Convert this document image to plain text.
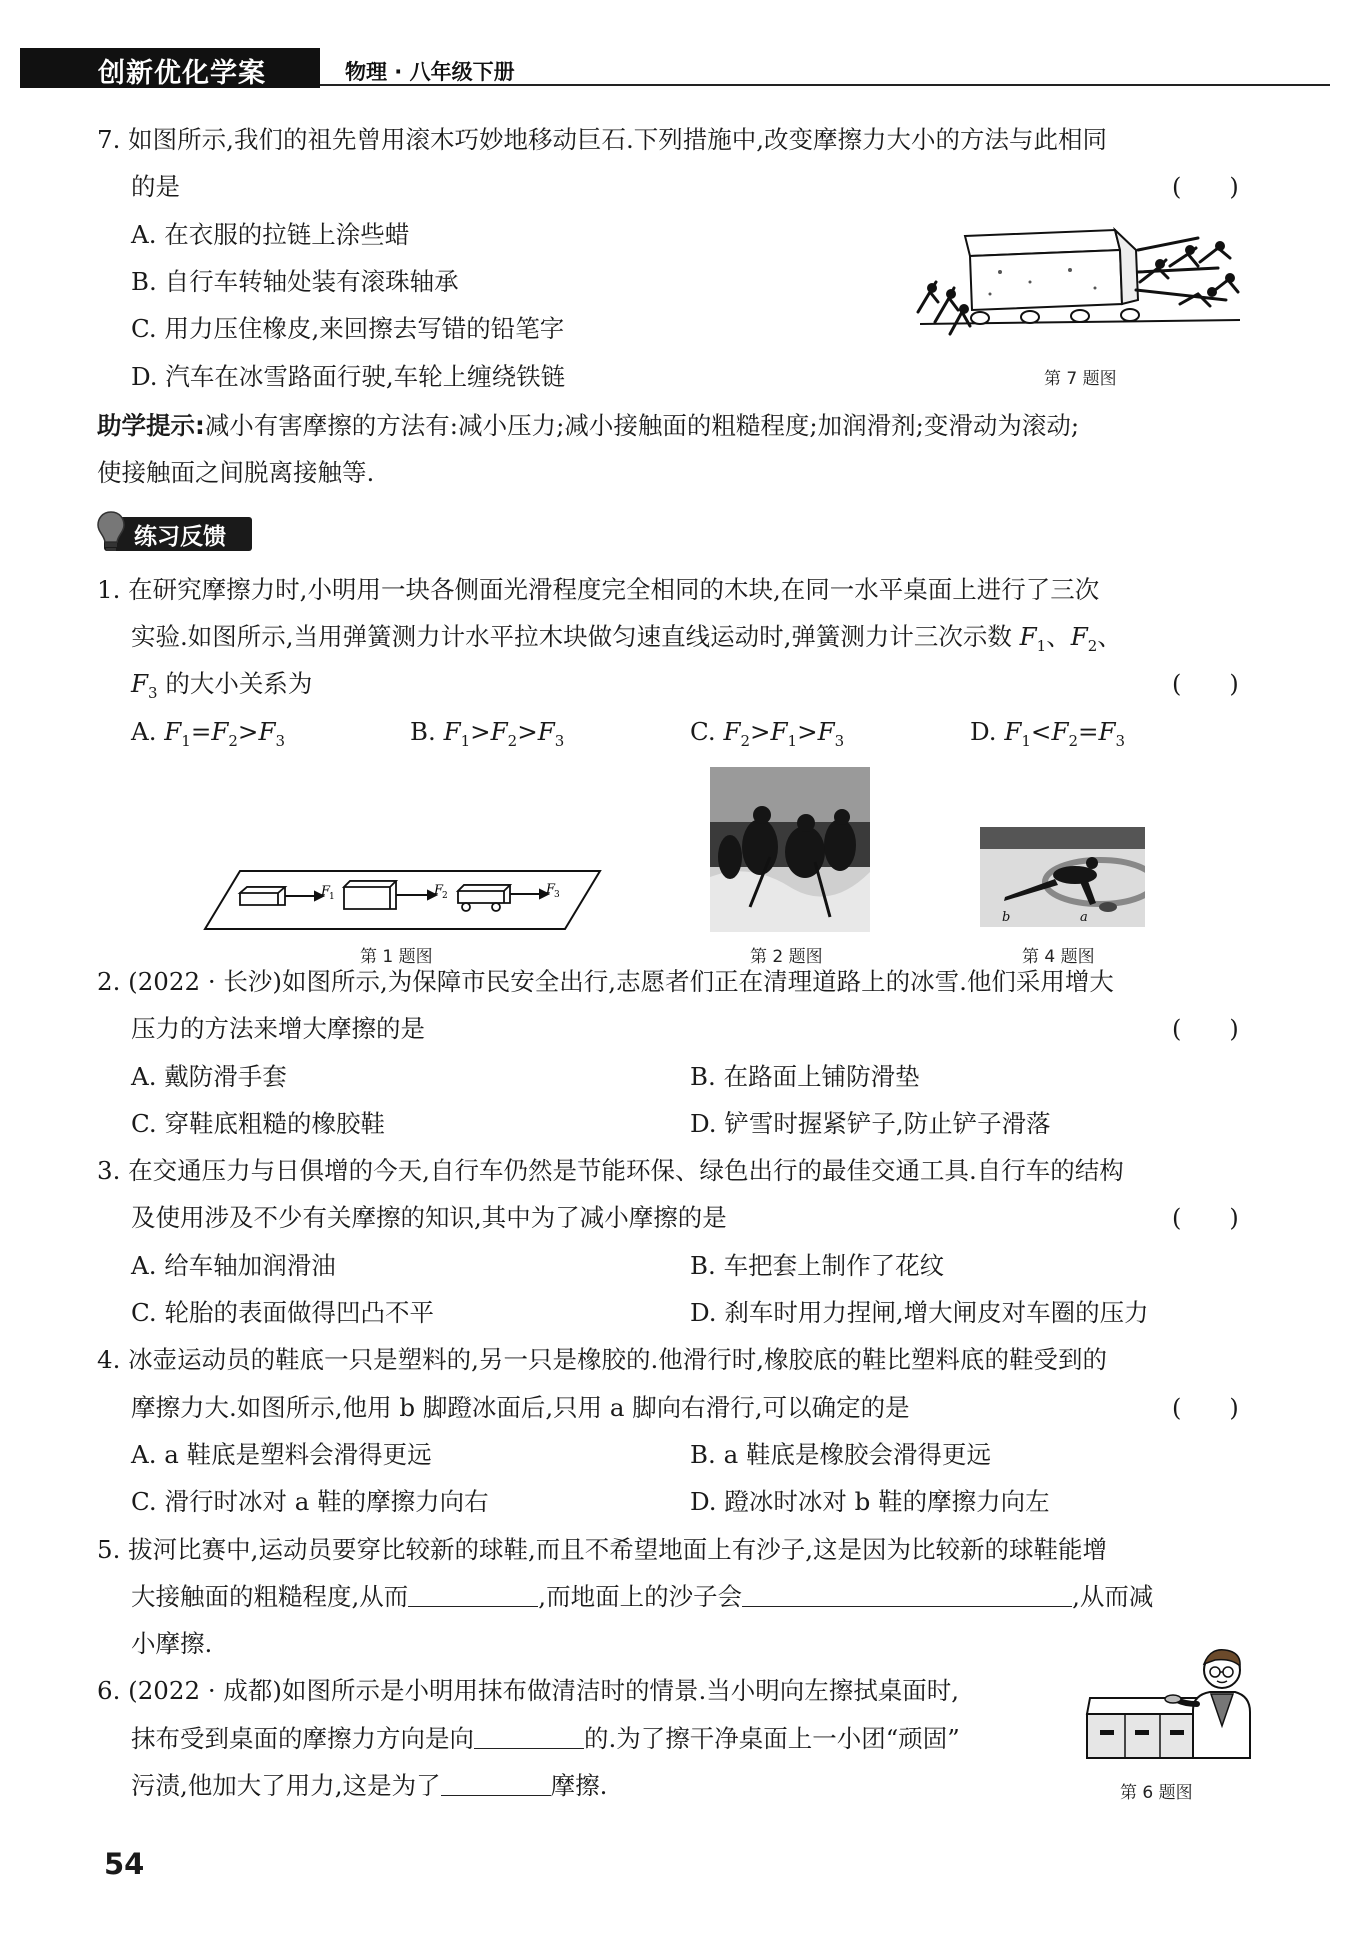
创新优化学案	物理 · 八年级下册
7. 如图所示,我们的祖先曾用滚木巧妙地移动巨石.下列措施中,改变摩擦力大小的方法与此相同
的是	(　　)
A. 在衣服的拉链上涂些蜡
B. 自行车转轴处装有滚珠轴承
C. 用力压住橡皮,来回擦去写错的铅笔字
D. 汽车在冰雪路面行驶,车轮上缠绕铁链	第 7 题图
助学提示:减小有害摩擦的方法有:减小压力;减小接触面的粗糙程度;加润滑剂;变滑动为滚动;
使接触面之间脱离接触等.
练习反馈
1. 在研究摩擦力时,小明用一块各侧面光滑程度完全相同的木块,在同一水平桌面上进行了三次
实验.如图所示,当用弹簧测力计水平拉木块做匀速直线运动时,弹簧测力计三次示数 $F_1$、$F_2$、
$F_3$ 的大小关系为	(　　)
A. $F_1=F_2>F_3$	B. $F_1>F_2>F_3$	C. $F_2>F_1>F_3$	D. $F_1<F_2=F_3$
F
1	F
2	F
3
第 1 题图	第 2 题图
b	a
第 4 题图
2. (2022 · 长沙)如图所示,为保障市民安全出行,志愿者们正在清理道路上的冰雪.他们采用增大
压力的方法来增大摩擦的是	(　　)
A. 戴防滑手套	B. 在路面上铺防滑垫
C. 穿鞋底粗糙的橡胶鞋	D. 铲雪时握紧铲子,防止铲子滑落
3. 在交通压力与日俱增的今天,自行车仍然是节能环保、绿色出行的最佳交通工具.自行车的结构
及使用涉及不少有关摩擦的知识,其中为了减小摩擦的是	(　　)
A. 给车轴加润滑油	B. 车把套上制作了花纹
C. 轮胎的表面做得凹凸不平	D. 刹车时用力捏闸,增大闸皮对车圈的压力
4. 冰壶运动员的鞋底一只是塑料的,另一只是橡胶的.他滑行时,橡胶底的鞋比塑料底的鞋受到的
摩擦力大.如图所示,他用 b 脚蹬冰面后,只用 a 脚向右滑行,可以确定的是	(　　)
A. a 鞋底是塑料会滑得更远	B. a 鞋底是橡胶会滑得更远
C. 滑行时冰对 a 鞋的摩擦力向右	D. 蹬冰时冰对 b 鞋的摩擦力向左
5. 拔河比赛中,运动员要穿比较新的球鞋,而且不希望地面上有沙子,这是因为比较新的球鞋能增
大接触面的粗糙程度,从而	,而地面上的沙子会	,从而减
小摩擦.
6. (2022 · 成都)如图所示是小明用抹布做清洁时的情景.当小明向左擦拭桌面时,
抹布受到桌面的摩擦力方向是向	的.为了擦干净桌面上一小团“顽固”
污渍,他加大了用力,这是为了	摩擦.	第 6 题图
54
